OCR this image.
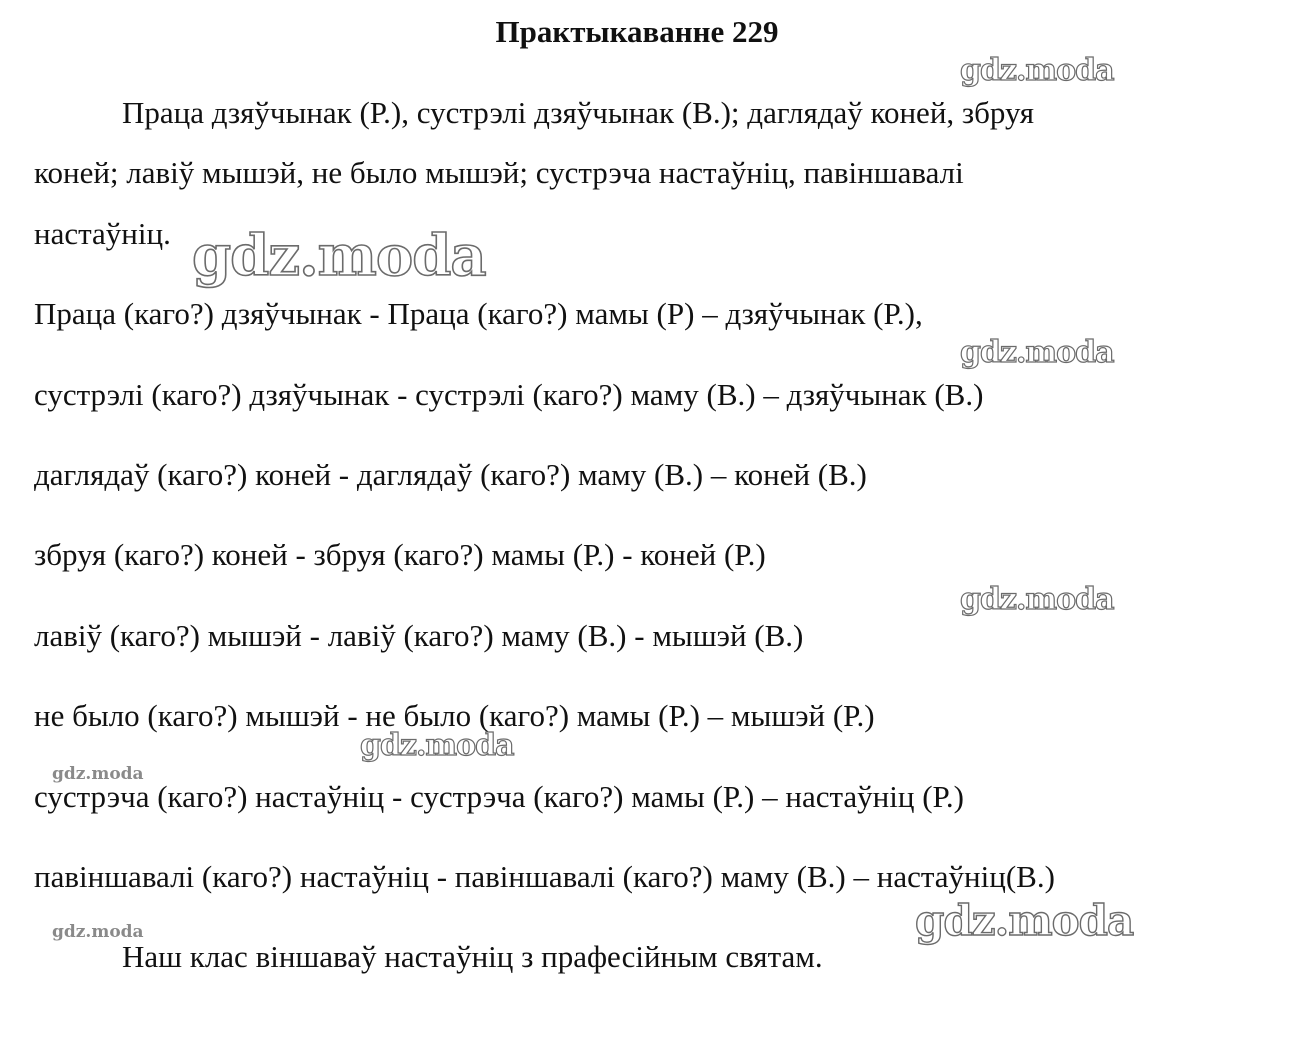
Практыкаванне 229
Праца дзяўчынак (Р.), сустрэлі дзяўчынак (В.); даглядаў коней, збруя
коней; лавіў мышэй, не было мышэй; сустрэча настаўніц, павіншавалі
настаўніц.
Праца (каго?) дзяўчынак - Праца (каго?) мамы (Р) – дзяўчынак (Р.),
сустрэлі (каго?) дзяўчынак - сустрэлі (каго?) маму (В.) – дзяўчынак (В.)
даглядаў (каго?) коней - даглядаў (каго?) маму (В.) – коней (В.)
збруя (каго?) коней - збруя (каго?) мамы (Р.) - коней (Р.)
лавіў (каго?) мышэй - лавіў (каго?) маму (В.) - мышэй (В.)
не было (каго?) мышэй - не было (каго?) мамы (Р.) – мышэй (Р.)
сустрэча (каго?) настаўніц - сустрэча (каго?) мамы (Р.) – настаўніц (Р.)
павіншавалі (каго?) настаўніц - павіншавалі (каго?) маму (В.) – настаўніц(В.)
Наш клас віншаваў настаўніц з прафесійным святам.
gdz.moda
gdz.moda
gdz.moda
gdz.moda
gdz.moda
gdz.moda
gdz.moda
gdz.moda
